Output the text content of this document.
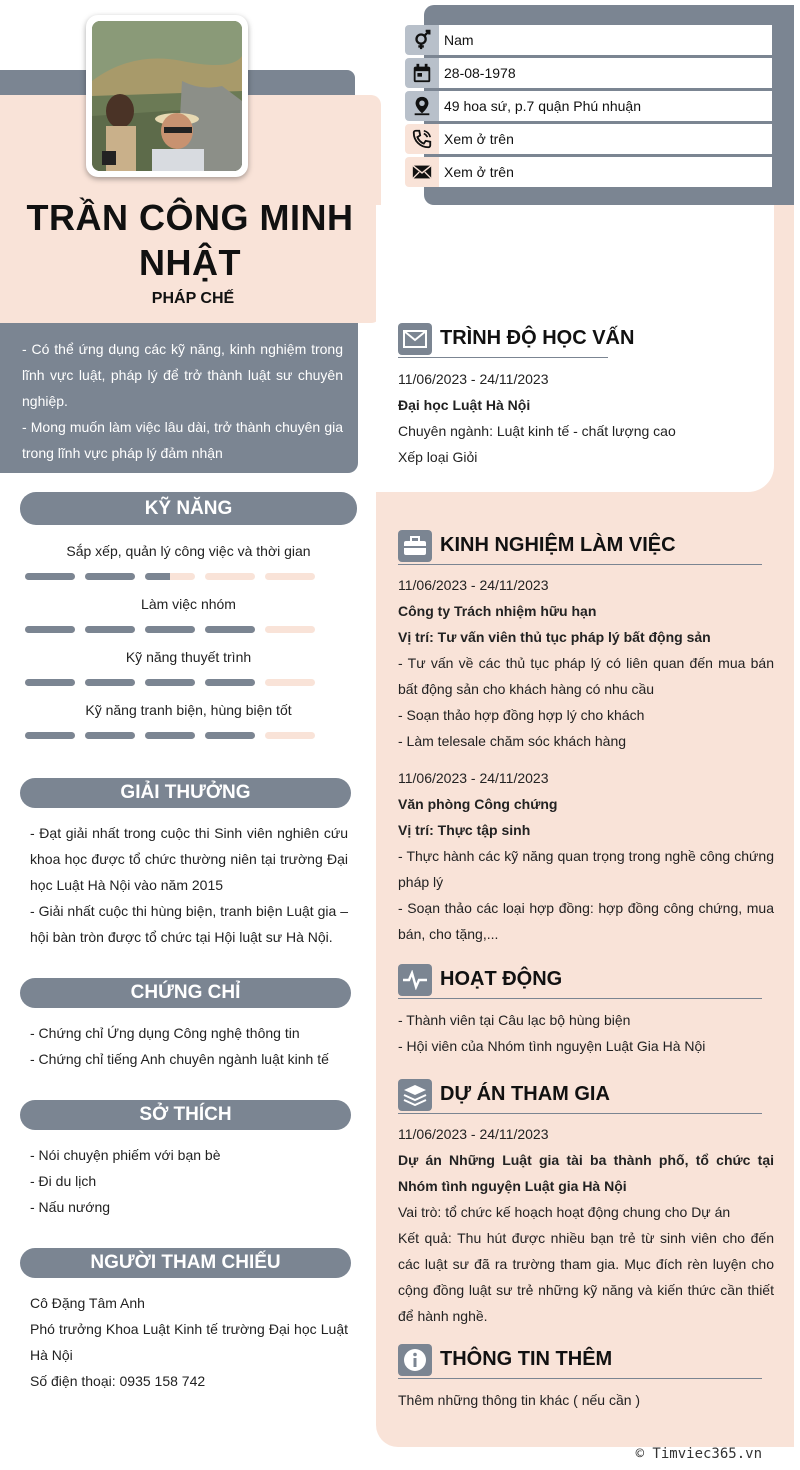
TRẦN CÔNG MINH
NHẬT
PHÁP CHẾ
- Có thể ứng dụng các kỹ năng, kinh nghiệm trong lĩnh vực luật, pháp lý để trở thành luật sư chuyên nghiệp.
- Mong muốn làm việc lâu dài, trở thành chuyên gia trong lĩnh vực pháp lý đảm nhận
Nam
28-08-1978
49 hoa sứ, p.7 quận Phú nhuận
Xem ở trên
Xem ở trên
KỸ NĂNG
Sắp xếp, quản lý công việc và thời gian
Làm việc nhóm
Kỹ năng thuyết trình
Kỹ năng tranh biện, hùng biện tốt
GIẢI THƯỞNG
- Đạt giải nhất trong cuộc thi Sinh viên nghiên cứu khoa học được tổ chức thường niên tại trường Đại học Luật Hà Nội vào năm 2015
- Giải nhất cuộc thi hùng biện, tranh biện Luật gia – hội bàn tròn được tổ chức tại Hội luật sư Hà Nội.
CHỨNG CHỈ
- Chứng chỉ Ứng dụng Công nghệ thông tin
- Chứng chỉ tiếng Anh chuyên ngành luật kinh tế
SỞ THÍCH
- Nói chuyện phiếm với bạn bè
- Đi du lịch
- Nấu nướng
NGƯỜI THAM CHIẾU
Cô Đặng Tâm Anh
Phó trưởng Khoa Luật Kinh tế trường Đại học Luật Hà Nội
Số điện thoại: 0935 158 742
TRÌNH ĐỘ HỌC VẤN
11/06/2023 - 24/11/2023
Đại học Luật Hà Nội
Chuyên ngành: Luật kinh tế - chất lượng cao
Xếp loại Giỏi
KINH NGHIỆM LÀM VIỆC
11/06/2023 - 24/11/2023
Công ty Trách nhiệm hữu hạn
Vị trí: Tư vấn viên thủ tục pháp lý bất động sản
- Tư vấn về các thủ tục pháp lý có liên quan đến mua bán bất động sản cho khách hàng có nhu cầu
- Soạn thảo hợp đồng hợp lý cho khách
- Làm telesale chăm sóc khách hàng
11/06/2023 - 24/11/2023
Văn phòng Công chứng
Vị trí: Thực tập sinh
- Thực hành các kỹ năng quan trọng trong nghề công chứng pháp lý
- Soạn thảo các loại hợp đồng: hợp đồng công chứng, mua bán, cho tặng,...
HOẠT ĐỘNG
- Thành viên tại Câu lạc bộ hùng biện
- Hội viên của Nhóm tình nguyện Luật Gia Hà Nội
DỰ ÁN THAM GIA
11/06/2023 - 24/11/2023
Dự án Những Luật gia tài ba thành phố, tổ chức tại Nhóm tình nguyện Luật gia Hà Nội
Vai trò: tổ chức kế hoạch hoạt động chung cho Dự án
Kết quả: Thu hút được nhiều bạn trẻ từ sinh viên cho đến các luật sư đã ra trường tham gia. Mục đích rèn luyện cho cộng đồng luật sư trẻ những kỹ năng và kiến thức cần thiết để hành nghề.
THÔNG TIN THÊM
Thêm những thông tin khác ( nếu cần )
© Timviec365.vn
